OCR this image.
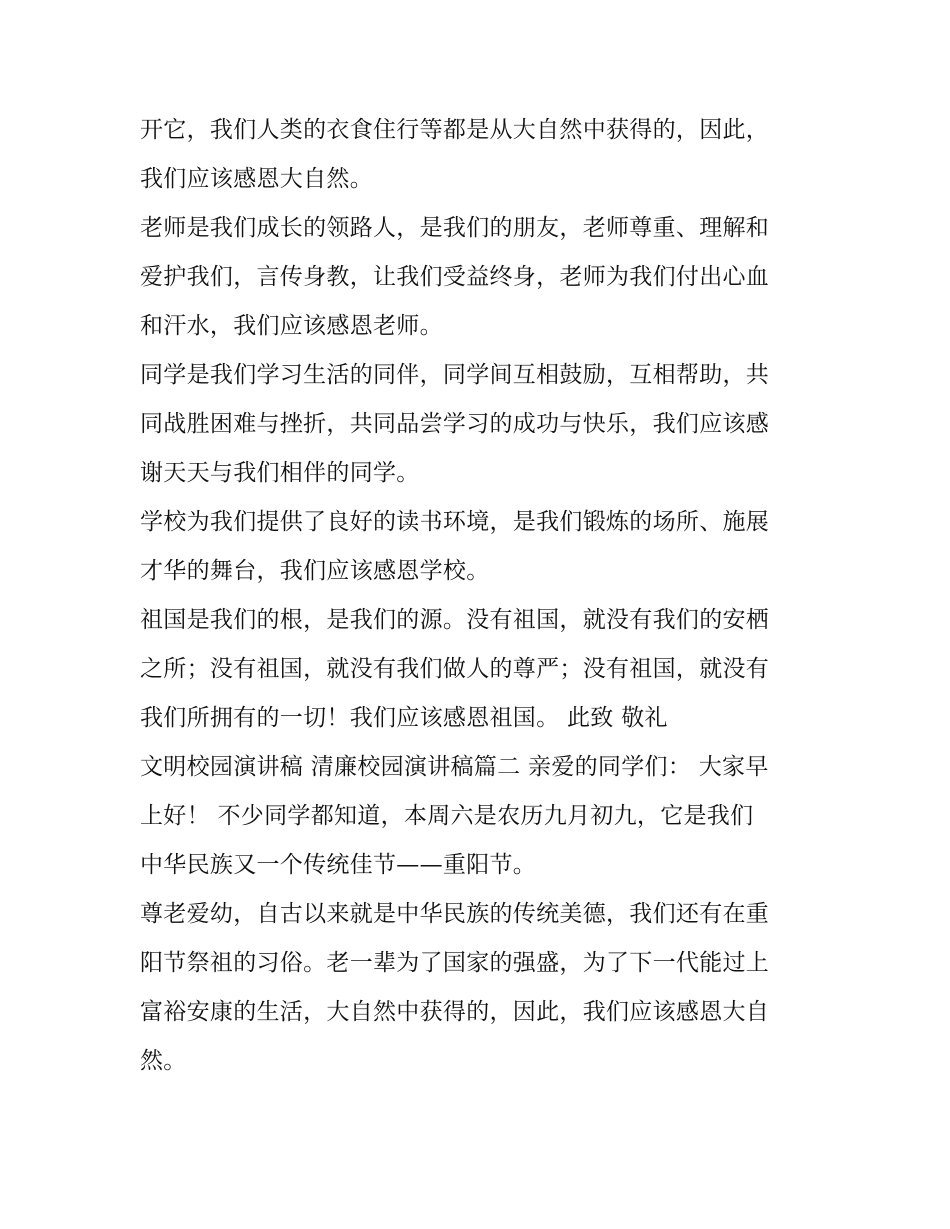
开它，我们人类的衣食住行等都是从大自然中获得的，因此，
我们应该感恩大自然。
老师是我们成长的领路人，是我们的朋友，老师尊重、理解和
爱护我们，言传身教，让我们受益终身，老师为我们付出心血
和汗水，我们应该感恩老师。
同学是我们学习生活的同伴，同学间互相鼓励，互相帮助，共
同战胜困难与挫折，共同品尝学习的成功与快乐，我们应该感
谢天天与我们相伴的同学。
学校为我们提供了良好的读书环境，是我们锻炼的场所、施展
才华的舞台，我们应该感恩学校。
祖国是我们的根，是我们的源。没有祖国，就没有我们的安栖
之所；没有祖国，就没有我们做人的尊严；没有祖国，就没有
我们所拥有的一切！我们应该感恩祖国。 此致 敬礼
文明校园演讲稿 清廉校园演讲稿篇二 亲爱的同学们： 大家早
上好！ 不少同学都知道，本周六是农历九月初九，它是我们
中华民族又一个传统佳节——重阳节。
尊老爱幼，自古以来就是中华民族的传统美德，我们还有在重
阳节祭祖的习俗。老一辈为了国家的强盛，为了下一代能过上
富裕安康的生活，大自然中获得的，因此，我们应该感恩大自
然。
